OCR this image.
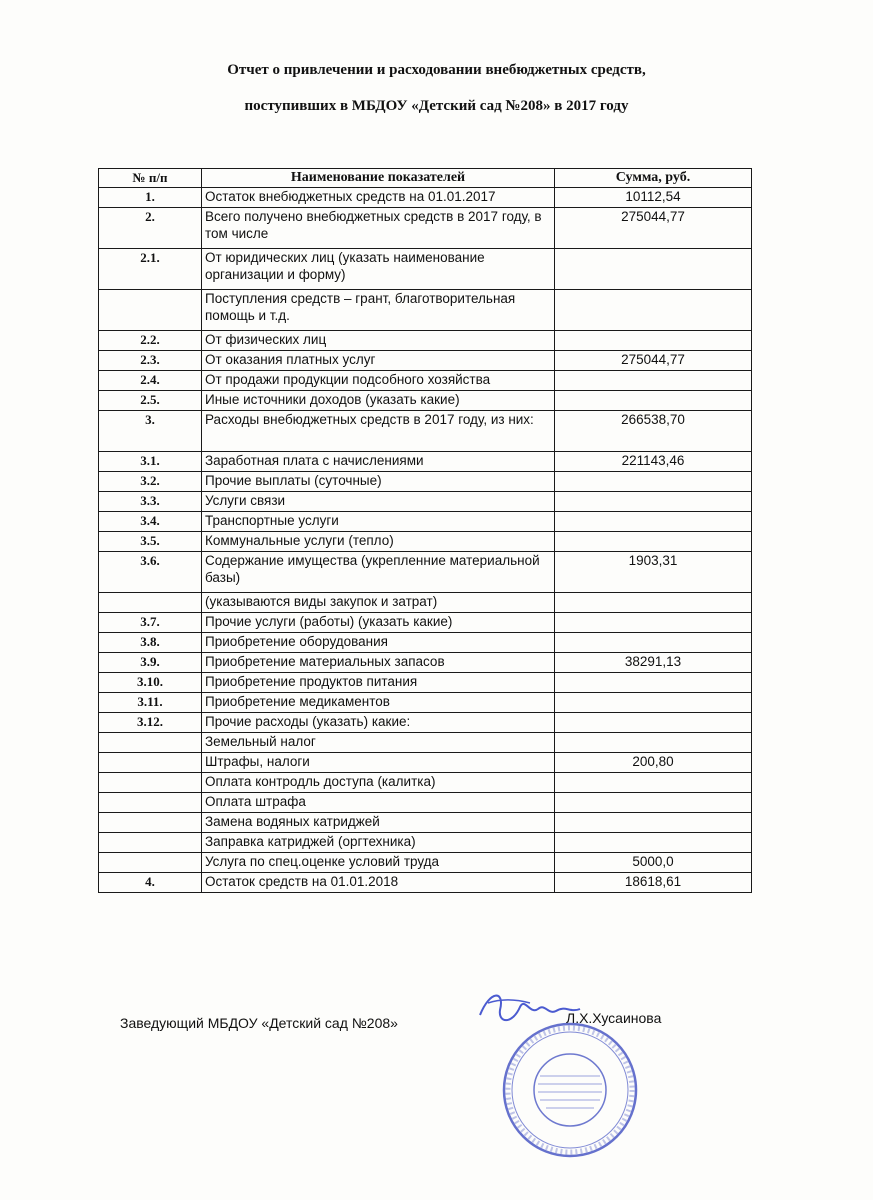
Отчет о привлечении и расходовании внебюджетных средств,
поступивших в МБДОУ «Детский сад №208» в 2017 году
№ п/п	Наименование показателей	Сумма, руб.
1.	Остаток внебюджетных средств на 01.01.2017	10112,54
2.	Всего получено внебюджетных средств в 2017 году, в том числе	275044,77
2.1.	От юридических лиц (указать наименование организации и форму)	
	Поступления средств – грант, благотворительная помощь и т.д.	
2.2.	От физических лиц	
2.3.	От оказания платных услуг	275044,77
2.4.	От продажи продукции подсобного хозяйства	
2.5.	Иные источники доходов (указать какие)	
3.	Расходы внебюджетных средств в 2017 году, из них:	266538,70
3.1.	Заработная плата с начислениями	221143,46
3.2.	Прочие выплаты (суточные)	
3.3.	Услуги связи	
3.4.	Транспортные услуги	
3.5.	Коммунальные услуги (тепло)	
3.6.	Содержание имущества (укрепленние материальной базы)	1903,31
	(указываются виды закупок и затрат)	
3.7.	Прочие услуги (работы) (указать какие)	
3.8.	Приобретение оборудования	
3.9.	Приобретение материальных запасов	38291,13
3.10.	Приобретение продуктов питания	
3.11.	Приобретение медикаментов	
3.12.	Прочие расходы (указать) какие:	
	Земельный налог	
	Штрафы, налоги	200,80
	Оплата контродль доступа (калитка)	
	Оплата штрафа	
	Замена водяных катриджей	
	Заправка катриджей (оргтехника)	
	Услуга по спец.оценке условий труда	5000,0
4.	Остаток средств на 01.01.2018	18618,61
Заведующий МБДОУ «Детский сад №208»	Л.Х.Хусаинова
